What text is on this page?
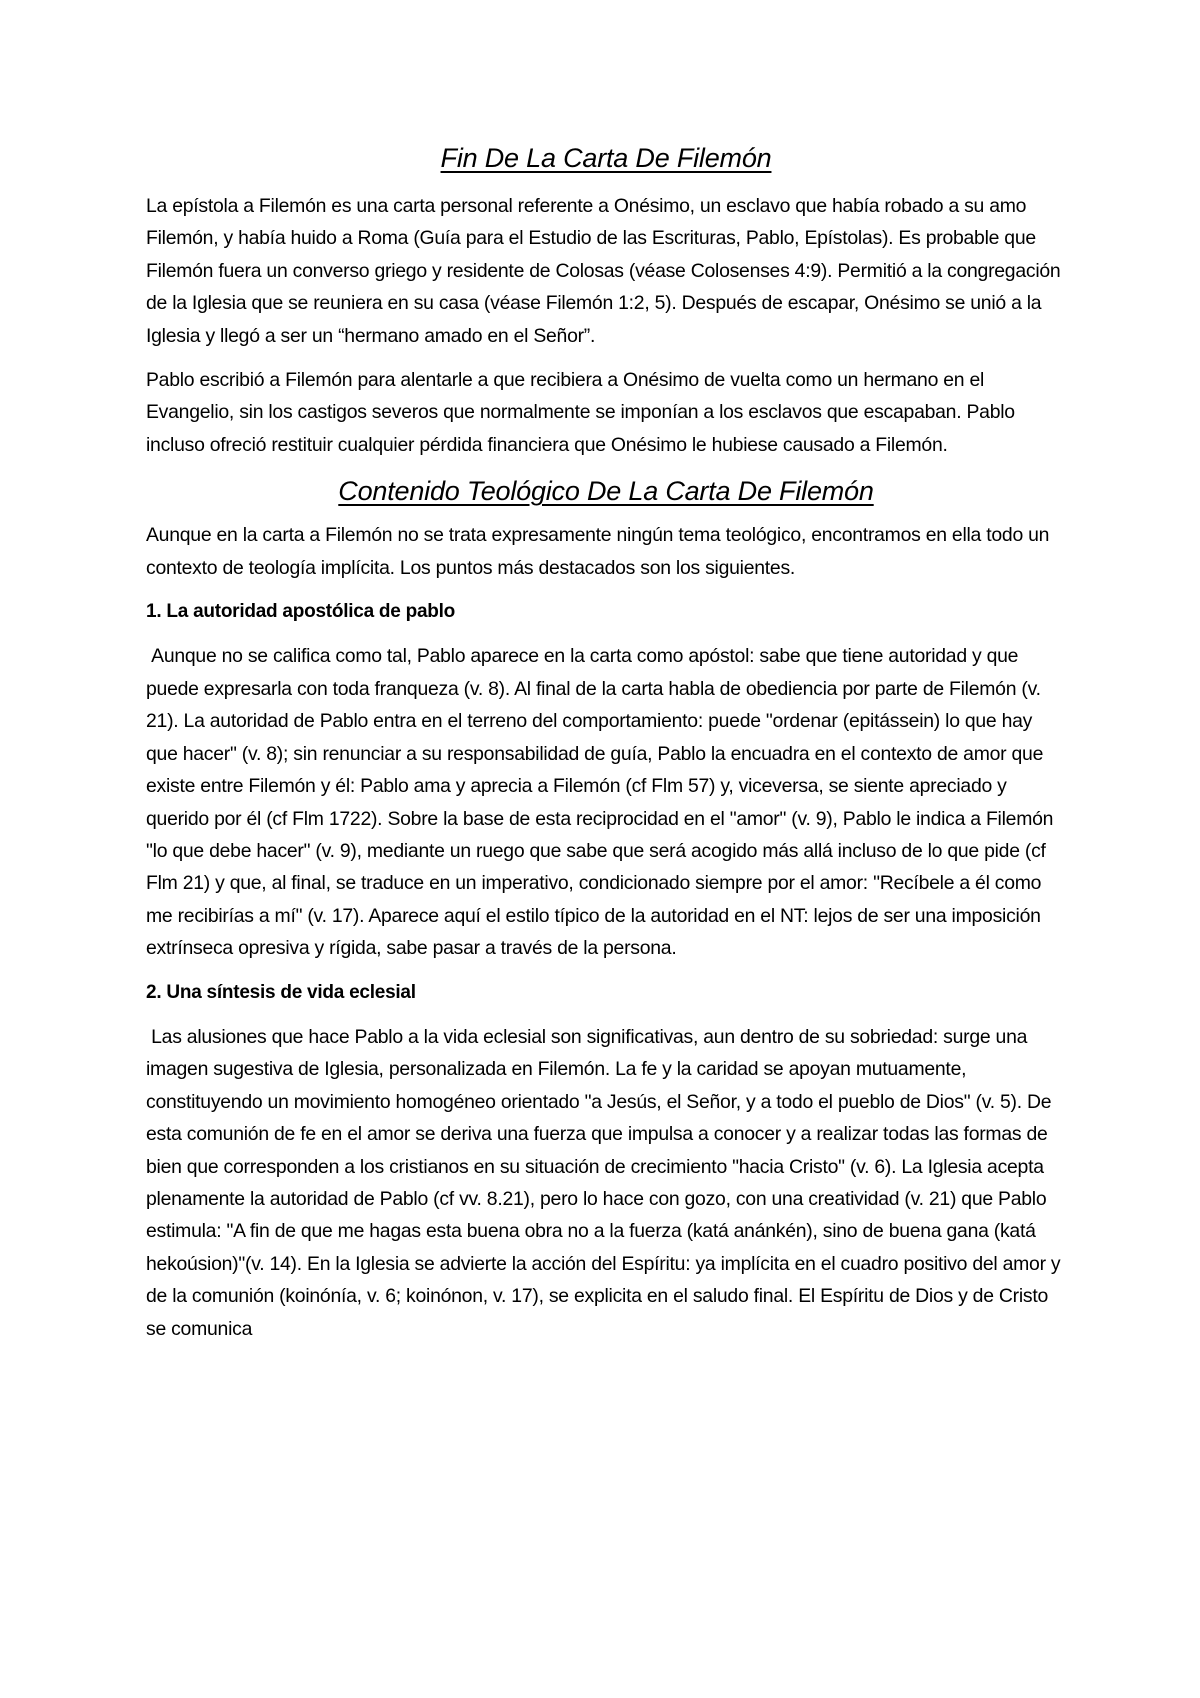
Fin De La Carta De Filemón

La epístola a Filemón es una carta personal referente a Onésimo, un esclavo que había robado a su amo Filemón, y había huido a Roma (Guía para el Estudio de las Escrituras, Pablo, Epístolas). Es probable que Filemón fuera un converso griego y residente de Colosas (véase Colosenses 4:9). Permitió a la congregación de la Iglesia que se reuniera en su casa (véase Filemón 1:2, 5). Después de escapar, Onésimo se unió a la Iglesia y llegó a ser un “hermano amado en el Señor”.

Pablo escribió a Filemón para alentarle a que recibiera a Onésimo de vuelta como un hermano en el Evangelio, sin los castigos severos que normalmente se imponían a los esclavos que escapaban. Pablo incluso ofreció restituir cualquier pérdida financiera que Onésimo le hubiese causado a Filemón.

Contenido Teológico De La Carta De Filemón

Aunque en la carta a Filemón no se trata expresamente ningún tema teológico, encontramos en ella todo un contexto de teología implícita. Los puntos más destacados son los siguientes.

1. La autoridad apostólica de pablo

Aunque no se califica como tal, Pablo aparece en la carta como apóstol: sabe que tiene autoridad y que puede expresarla con toda franqueza (v. 8). Al final de la carta habla de obediencia por parte de Filemón (v. 21). La autoridad de Pablo entra en el terreno del comportamiento: puede "ordenar (epitássein) lo que hay que hacer" (v. 8); sin renunciar a su responsabilidad de guía, Pablo la encuadra en el contexto de amor que existe entre Filemón y él: Pablo ama y aprecia a Filemón (cf Flm 57) y, viceversa, se siente apreciado y querido por él (cf Flm 1722). Sobre la base de esta reciprocidad en el "amor" (v. 9), Pablo le indica a Filemón "lo que debe hacer" (v. 9), mediante un ruego que sabe que será acogido más allá incluso de lo que pide (cf Flm 21) y que, al final, se traduce en un imperativo, condicionado siempre por el amor: "Recíbele a él como me recibirías a mí" (v. 17). Aparece aquí el estilo típico de la autoridad en el NT: lejos de ser una imposición extrínseca opresiva y rígida, sabe pasar a través de la persona.

2. Una síntesis de vida eclesial

Las alusiones que hace Pablo a la vida eclesial son significativas, aun dentro de su sobriedad: surge una imagen sugestiva de Iglesia, personalizada en Filemón. La fe y la caridad se apoyan mutuamente, constituyendo un movimiento homogéneo orientado "a Jesús, el Señor, y a todo el pueblo de Dios" (v. 5). De esta comunión de fe en el amor se deriva una fuerza que impulsa a conocer y a realizar todas las formas de bien que corresponden a los cristianos en su situación de crecimiento "hacia Cristo" (v. 6). La Iglesia acepta plenamente la autoridad de Pablo (cf vv. 8.21), pero lo hace con gozo, con una creatividad (v. 21) que Pablo estimula: "A fin de que me hagas esta buena obra no a la fuerza (katá anánkén), sino de buena gana (katá hekoúsion)"(v. 14). En la Iglesia se advierte la acción del Espíritu: ya implícita en el cuadro positivo del amor y de la comunión (koinónía, v. 6; koinónon, v. 17), se explicita en el saludo final. El Espíritu de Dios y de Cristo se comunica
